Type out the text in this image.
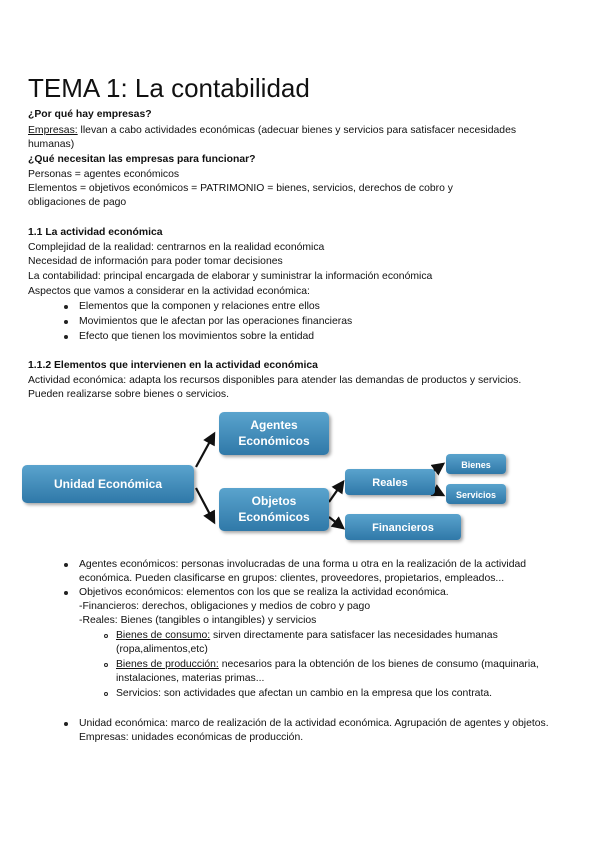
TEMA 1: La contabilidad
¿Por qué hay empresas?
Empresas: llevan a cabo actividades económicas (adecuar bienes y servicios para satisfacer necesidades
humanas)
¿Qué necesitan las empresas para funcionar?
Personas = agentes económicos
Elementos = objetivos económicos = PATRIMONIO = bienes, servicios, derechos de cobro y
obligaciones de pago
1.1 La actividad económica
Complejidad de la realidad: centrarnos en la realidad económica
Necesidad de información para poder tomar decisiones
La contabilidad: principal encargada de elaborar y suministrar la información económica
Aspectos que vamos a considerar en la actividad económica:
Elementos que la componen y relaciones entre ellos
Movimientos que le afectan por las operaciones financieras
Efecto que tienen los movimientos sobre la entidad
1.1.2 Elementos que intervienen en la actividad económica
Actividad económica: adapta los recursos disponibles para atender las demandas de productos y servicios.
Pueden realizarse sobre bienes o servicios.
Unidad Económica
Agentes
Económicos
Objetos
Económicos
Reales
Financieros
Bienes
Servicios
Agentes económicos: personas involucradas de una forma u otra en la realización de la actividad
económica. Pueden clasificarse en grupos: clientes, proveedores, propietarios, empleados...
Objetivos económicos: elementos con los que se realiza la actividad económica.
-Financieros: derechos, obligaciones y medios de cobro y pago
-Reales: Bienes (tangibles o intangibles) y servicios
Bienes de consumo: sirven directamente para satisfacer las necesidades humanas
(ropa,alimentos,etc)
Bienes de producción: necesarios para la obtención de los bienes de consumo (maquinaria,
instalaciones, materias primas...
Servicios: son actividades que afectan un cambio en la empresa que los contrata.
Unidad económica: marco de realización de la actividad económica. Agrupación de agentes y objetos.
Empresas: unidades económicas de producción.
